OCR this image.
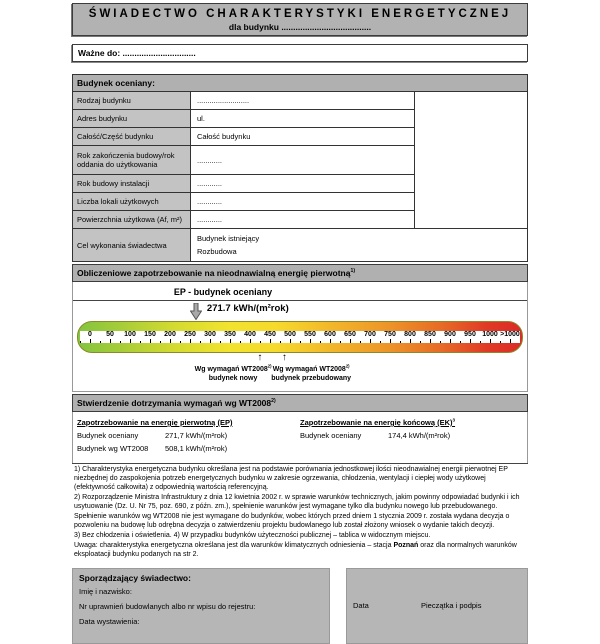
ŚWIADECTWO CHARAKTERYSTYKI ENERGETYCZNEJ
dla budynku ......................................
Ważne do: ...............................
Budynek oceniany:
Rodzaj budynku	.........................
Adres budynku	ul.
Całość/Część budynku	Całość budynku
Rok zakończenia budowy/rok oddania do użytkowania	............
Rok budowy instalacji	............
Liczba lokali użytkowych	............
Powierzchnia użytkowa (Af, m²)	............
Cel wykonania świadectwa
Budynek istniejący
Rozbudowa
Obliczeniowe zapotrzebowanie na nieodnawialną energię pierwotną$^{1)}$
EP - budynek oceniany
271.7 kWh/(m²rok)
0	50	100	150	200	250	300	350	400	450	500	550	600	650	700	750	800	850	900	950 1000 >1000
↑ ↑
Wg wymagań WT2008$^{2)}$
budynek nowy
Wg wymagań WT2008$^{2)}$
budynek przebudowany
Stwierdzenie dotrzymania wymagań wg WT2008$^{2)}$
Zapotrzebowanie na energię pierwotną (EP)
Budynek oceniany	271,7 kWh/(m²rok)
Budynek wg WT2008	508,1 kWh/(m²rok)
Zapotrzebowanie na energię końcową (EK)$^3$
Budynek oceniany	174,4 kWh/(m²rok)

1) Charakterystyka energetyczna budynku określana jest na podstawie porównania jednostkowej ilości nieodnawialnej energii pierwotnej EP niezbędnej do zaspokojenia potrzeb energetycznych budynku w zakresie ogrzewania, chłodzenia, wentylacji i ciepłej wody użytkowej (efektywność całkowita) z odpowiednią wartością referencyjną.

2) Rozporządzenie Ministra Infrastruktury z dnia 12 kwietnia 2002 r. w sprawie warunków technicznych, jakim powinny odpowiadać budynki i ich usytuowanie (Dz. U. Nr 75, poz. 690, z późn. zm.), spełnienie warunków jest wymagane tylko dla budynku nowego lub przebudowanego.

Spełnienie warunków wg WT2008 nie jest wymagane do budynków, wobec których przed dniem 1 stycznia 2009 r. została wydana decyzja o pozwoleniu na budowę lub odrębna decyzja o zatwierdzeniu projektu budowlanego lub został złożony wniosek o wydanie takich decyzji.

3) Bez chłodzenia i oświetlenia. 4) W przypadku budynków użyteczności publicznej – tablica w widocznym miejscu.

Uwaga: charakterystyka energetyczna określana jest dla warunków klimatycznych odniesienia – stacja Poznań oraz dla normalnych warunków eksploatacji budynku podanych na str 2.

Sporządzający świadectwo:
Imię i nazwisko:
Nr uprawnień budowlanych albo nr wpisu do rejestru:
Data wystawienia:
Data	Pieczątka i podpis
